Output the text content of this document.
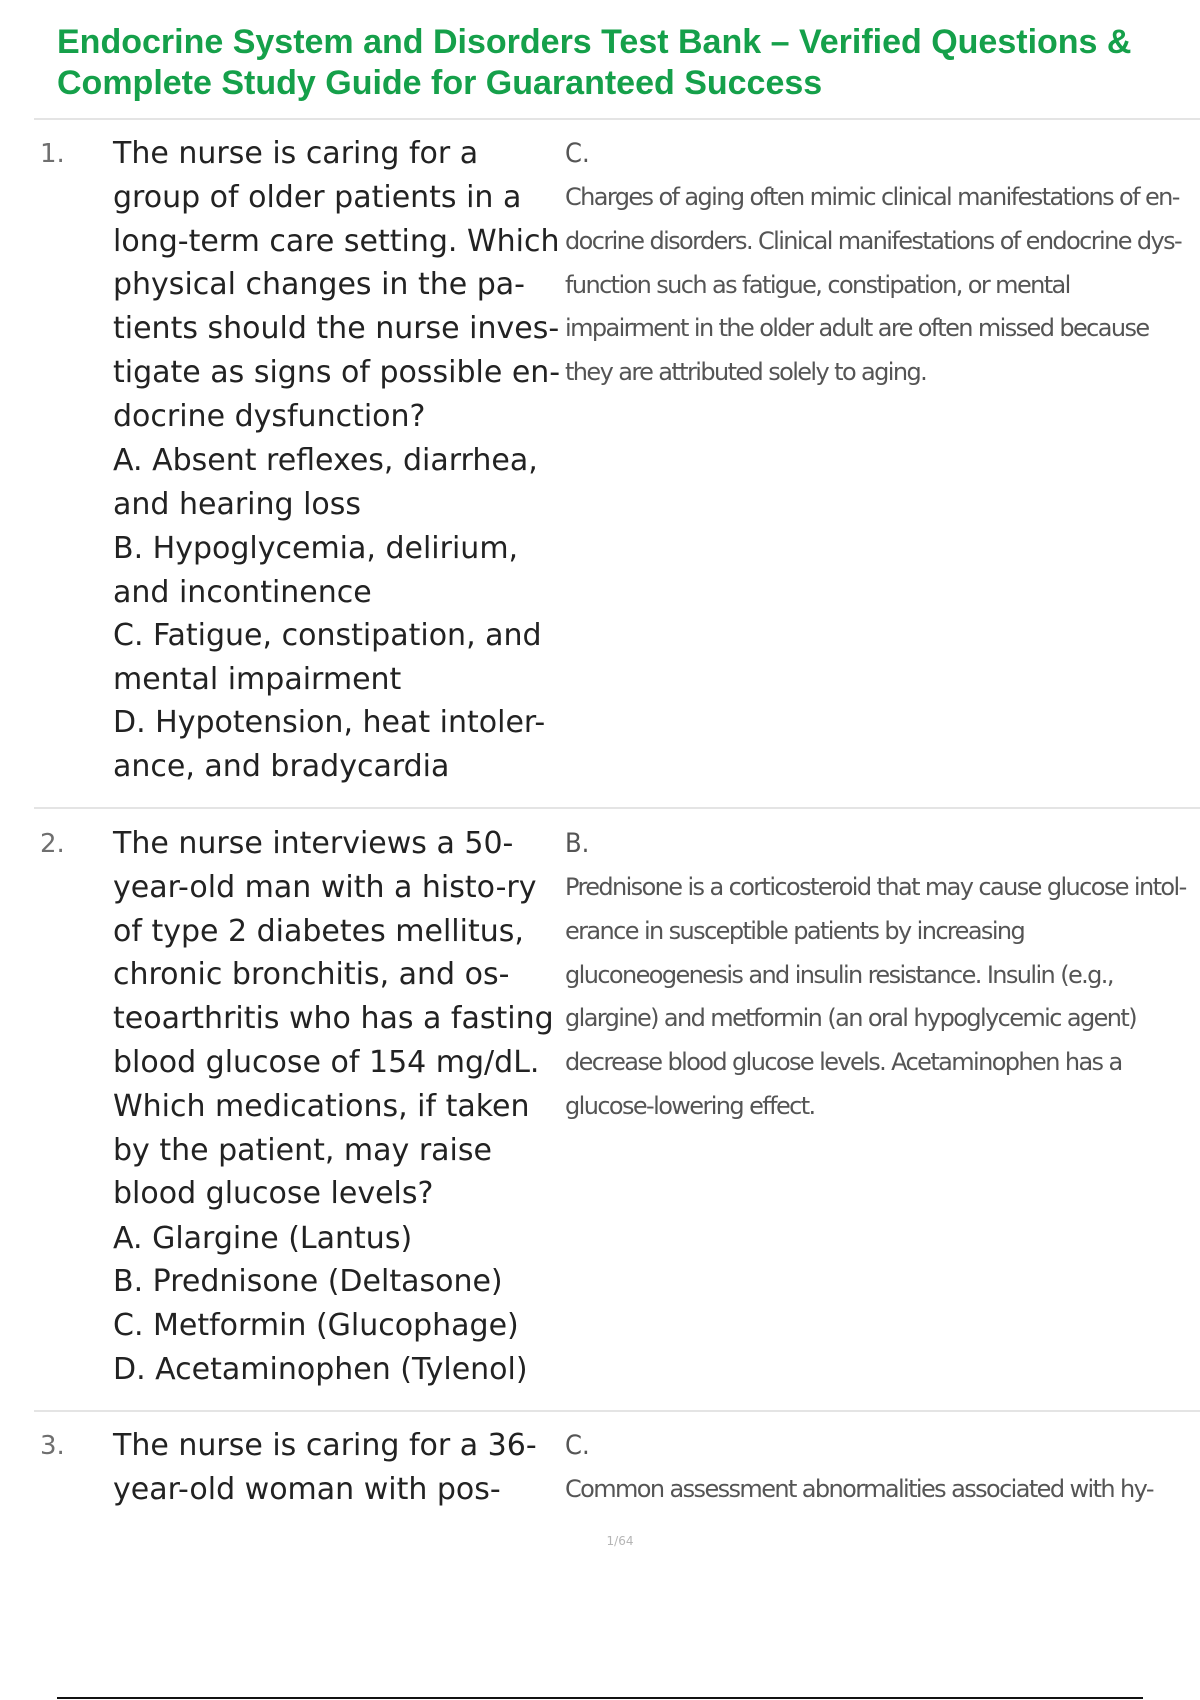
Endocrine System and Disorders Test Bank – Verified Questions &
Complete Study Guide for Guaranteed Success
1. The nurse is caring for a group of older patients in a long-term care setting. Which physical changes in the pa-tients should the nurse inves-tigate as signs of possible en-docrine dysfunction?

A. Absent reflexes, diarrhea, and hearing loss
B. Hypoglycemia, delirium, and incontinence
C. Fatigue, constipation, and mental impairment
D. Hypotension, heat intoler-ance, and bradycardia
C.

Charges of aging often mimic clinical manifestations of en-docrine disorders. Clinical manifestations of endocrine dys-function such as fatigue, constipation, or mental impairment in the older adult are often missed because they are attributed solely to aging.

2. The nurse interviews a 50-year-old man with a histo-ry of type 2 diabetes mellitus, chronic bronchitis, and os-teoarthritis who has a fasting blood glucose of 154 mg/dL. Which medications, if taken by the patient, may raise blood glucose levels?

A. Glargine (Lantus)
B. Prednisone (Deltasone)
C. Metformin (Glucophage)
D. Acetaminophen (Tylenol)
B.

Prednisone is a corticosteroid that may cause glucose intol-erance in susceptible patients by increasing gluconeogenesis and insulin resistance. Insulin (e.g., glargine) and metformin (an oral hypoglycemic agent) decrease blood glucose levels. Acetaminophen has a glucose-lowering effect.

3. The nurse is caring for a 36-year-old woman with pos-

C.

Common assessment abnormalities associated with hy-

1/64
